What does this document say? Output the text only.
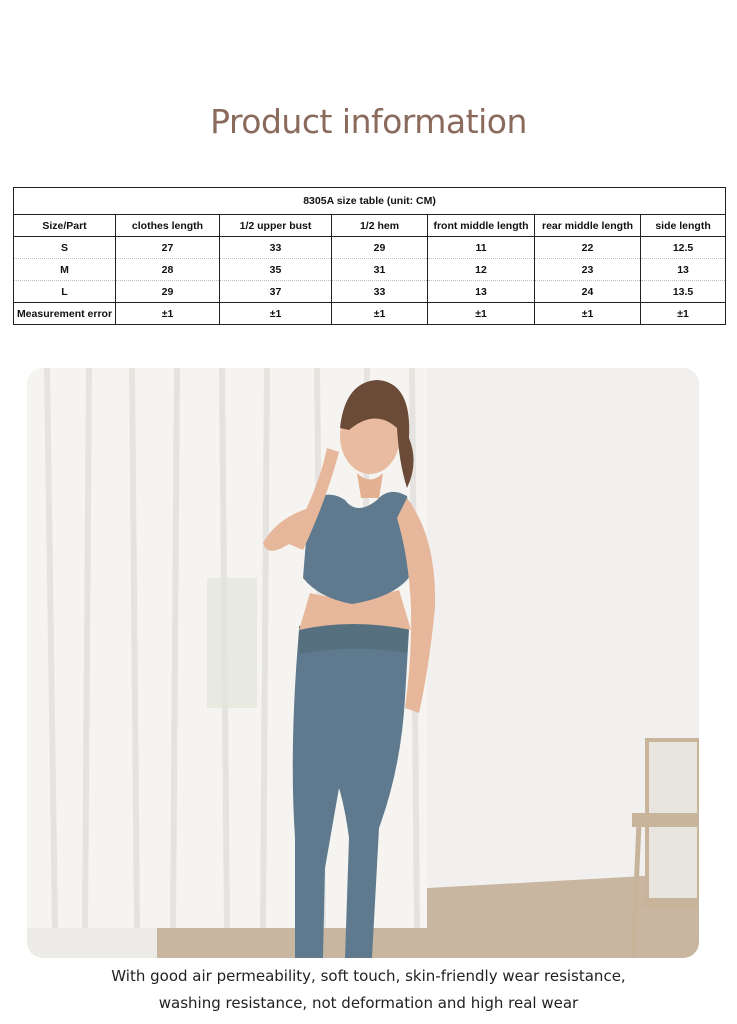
Product information
8305A size table (unit: CM)						
Size/Part	clothes length	1/2 upper bust	1/2 hem	front middle length	rear middle length	side length
S	27	33	29	11	22	12.5
M	28	35	31	12	23	13
L	29	37	33	13	24	13.5
Measurement error	±1	±1	±1	±1	±1	±1
With good air permeability, soft touch, skin-friendly wear resistance,
washing resistance, not deformation and high real wear
